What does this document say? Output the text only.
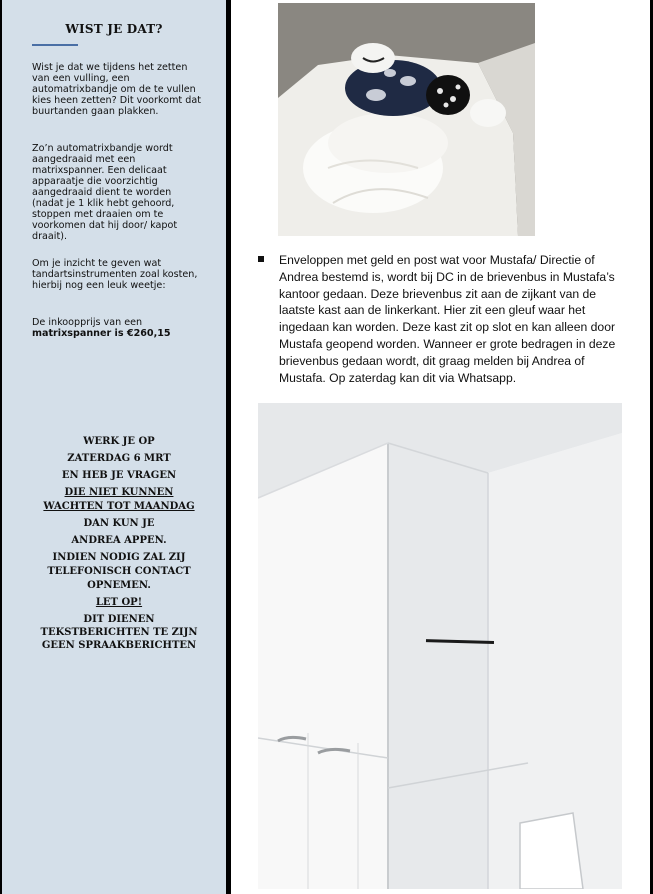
WIST JE DAT?
Wist je dat we tijdens het zetten van een vulling, een automatrixbandje om de te vullen kies heen zetten? Dit voorkomt dat buurtanden gaan plakken.
Zo’n automatrixbandje wordt aangedraaid met een matrixspanner. Een delicaat apparaatje die voorzichtig aangedraaid dient te worden (nadat je 1 klik hebt gehoord, stoppen met draaien om te voorkomen dat hij door/ kapot draait).
Om je inzicht te geven wat tandartsinstrumenten zoal kosten, hierbij nog een leuk weetje:
De inkoopprijs van een matrixspanner is €260,15
WERK JE OP
ZATERDAG 6 MRT
EN HEB JE VRAGEN
DIE NIET KUNNEN
WACHTEN TOT MAANDAG
DAN KUN JE
ANDREA APPEN.
INDIEN NODIG ZAL ZIJ
TELEFONISCH CONTACT
OPNEMEN.
LET OP!
DIT DIENEN
TEKSTBERICHTEN TE ZIJN
GEEN SPRAAKBERICHTEN
Enveloppen met geld en post wat voor Mustafa/ Directie of Andrea bestemd is, wordt bij DC in de brievenbus in Mustafa’s kantoor gedaan. Deze brievenbus zit aan de zijkant van de laatste kast aan de linkerkant. Hier zit een gleuf waar het ingedaan kan worden. Deze kast zit op slot en kan alleen door Mustafa geopend worden. Wanneer er grote bedragen in deze brievenbus gedaan wordt, dit graag melden bij Andrea of Mustafa. Op zaterdag kan dit via Whatsapp.
